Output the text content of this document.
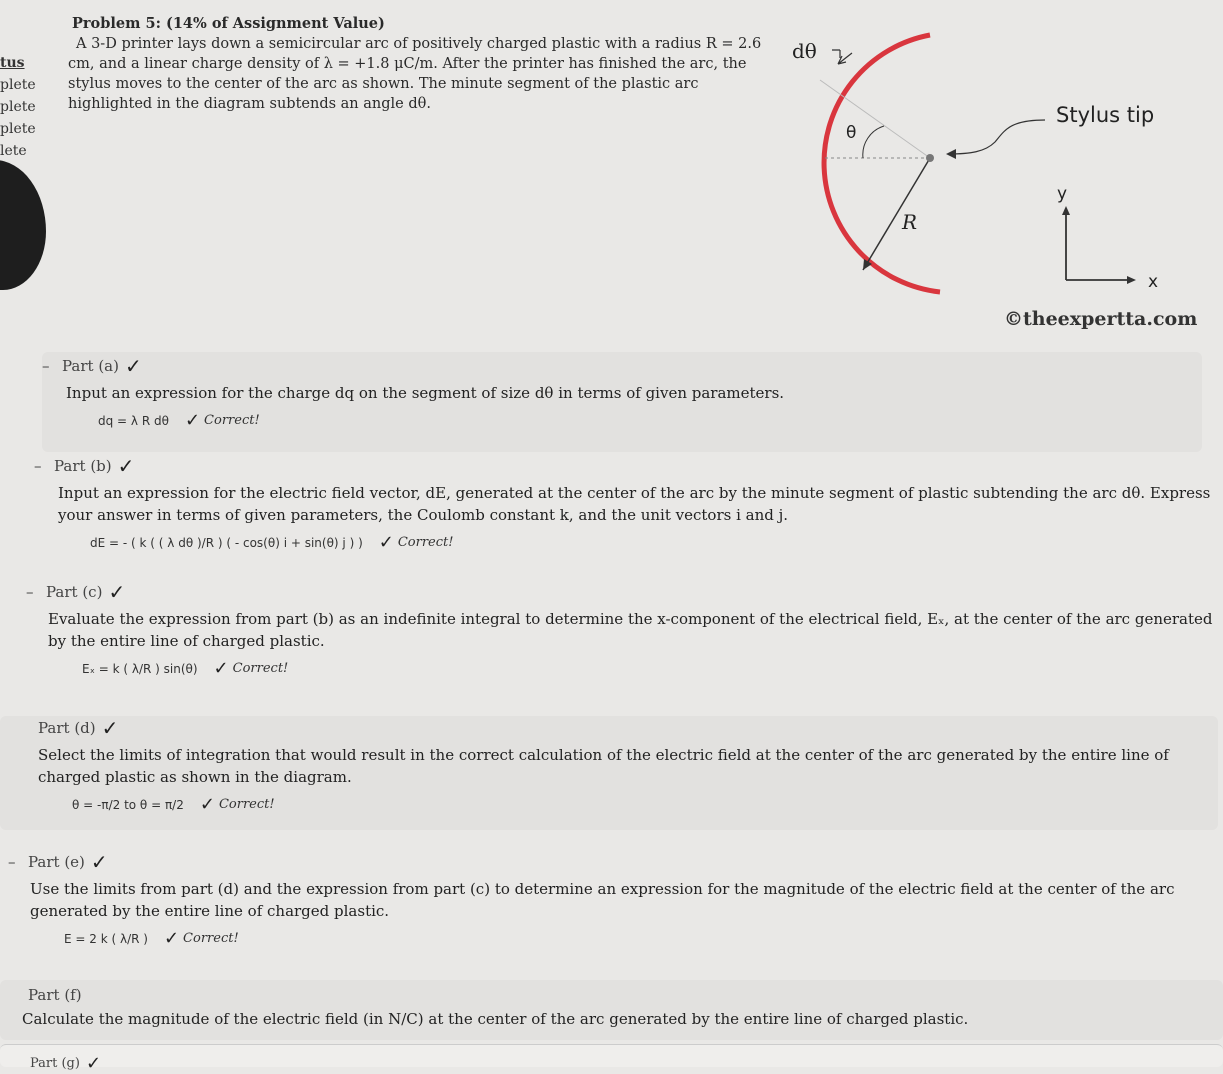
tus
plete
plete
plete
lete
Problem 5: (14% of Assignment Value)
A 3-D printer lays down a semicircular arc of positively charged plastic with a radius R = 2.6 cm, and a linear charge density of λ = +1.8 μC/m. After the printer has finished the arc, the stylus moves to the center of the arc as shown. The minute segment of the plastic arc highlighted in the diagram subtends an angle dθ.
dθ
θ
R
Stylus tip
y
x
©theexpertta.com
– Part (a) ✓
Input an expression for the charge dq on the segment of size dθ in terms of given parameters.
dq = λ R dθ ✓ Correct!
– Part (b) ✓
Input an expression for the electric field vector, dE, generated at the center of the arc by the minute segment of plastic subtending the arc dθ. Express your answer in terms of given parameters, the Coulomb constant k, and the unit vectors i and j.
dE = - ( k ( ( λ dθ )/R ) ( - cos(θ) i + sin(θ) j ) ) ✓ Correct!
– Part (c) ✓
Evaluate the expression from part (b) as an indefinite integral to determine the x-component of the electrical field, Eₓ, at the center of the arc generated by the entire line of charged plastic.
Eₓ = k ( λ/R ) sin(θ) ✓ Correct!
Part (d) ✓
Select the limits of integration that would result in the correct calculation of the electric field at the center of the arc generated by the entire line of charged plastic as shown in the diagram.
θ = -π/2 to θ = π/2 ✓ Correct!
– Part (e) ✓
Use the limits from part (d) and the expression from part (c) to determine an expression for the magnitude of the electric field at the center of the arc generated by the entire line of charged plastic.
E = 2 k ( λ/R ) ✓ Correct!
Part (f)
Calculate the magnitude of the electric field (in N/C) at the center of the arc generated by the entire line of charged plastic.
Part (g) ✓
